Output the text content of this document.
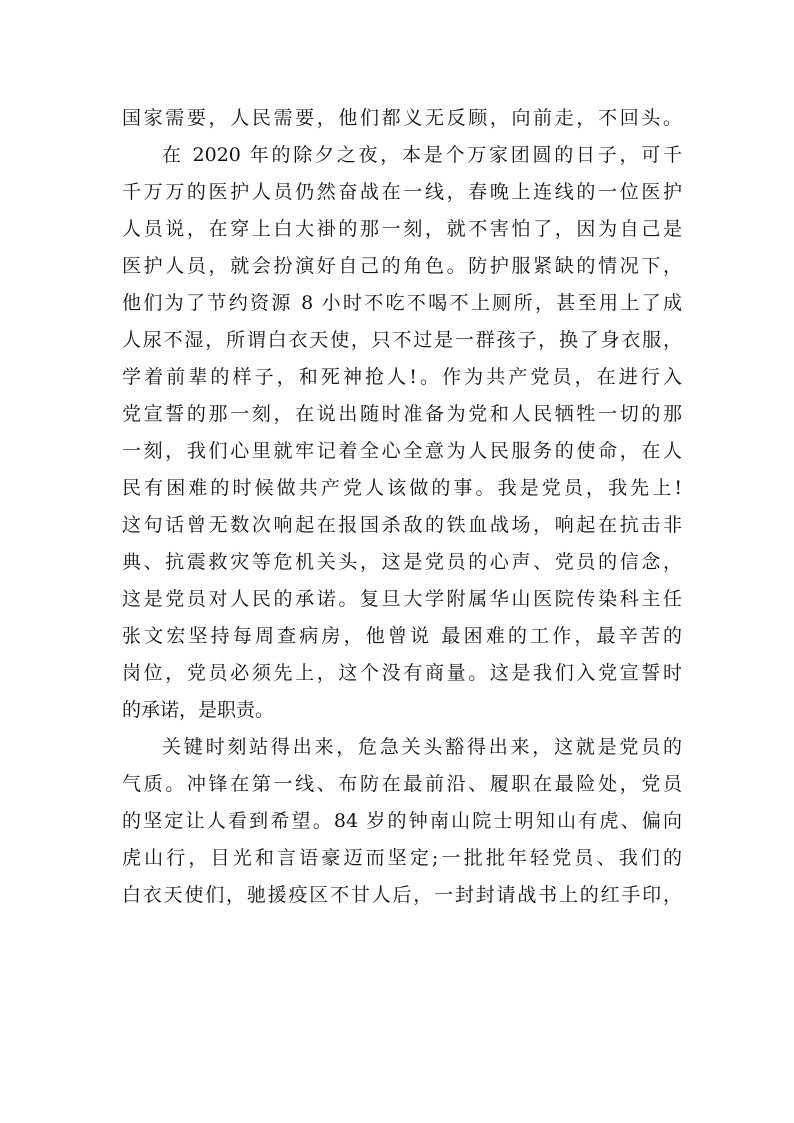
国家需要，人民需要，他们都义无反顾，向前走，不回头。
在 2020 年的除夕之夜，本是个万家团圆的日子，可千
千万万的医护人员仍然奋战在一线，春晚上连线的一位医护
人员说，在穿上白大褂的那一刻，就不害怕了，因为自己是
医护人员，就会扮演好自己的角色。防护服紧缺的情况下，
他们为了节约资源 8 小时不吃不喝不上厕所，甚至用上了成
人尿不湿，所谓白衣天使，只不过是一群孩子，换了身衣服，
学着前辈的样子，和死神抢人!。作为共产党员，在进行入
党宣誓的那一刻，在说出随时准备为党和人民牺牲一切的那
一刻，我们心里就牢记着全心全意为人民服务的使命，在人
民有困难的时候做共产党人该做的事。我是党员，我先上!
这句话曾无数次响起在报国杀敌的铁血战场，响起在抗击非
典、抗震救灾等危机关头，这是党员的心声、党员的信念，
这是党员对人民的承诺。复旦大学附属华山医院传染科主任
张文宏坚持每周查病房，他曾说 最困难的工作，最辛苦的
岗位，党员必须先上，这个没有商量。这是我们入党宣誓时
的承诺，是职责。
关键时刻站得出来，危急关头豁得出来，这就是党员的
气质。冲锋在第一线、布防在最前沿、履职在最险处，党员
的坚定让人看到希望。84 岁的钟南山院士明知山有虎、偏向
虎山行，目光和言语豪迈而坚定;一批批年轻党员、我们的
白衣天使们，驰援疫区不甘人后，一封封请战书上的红手印，
